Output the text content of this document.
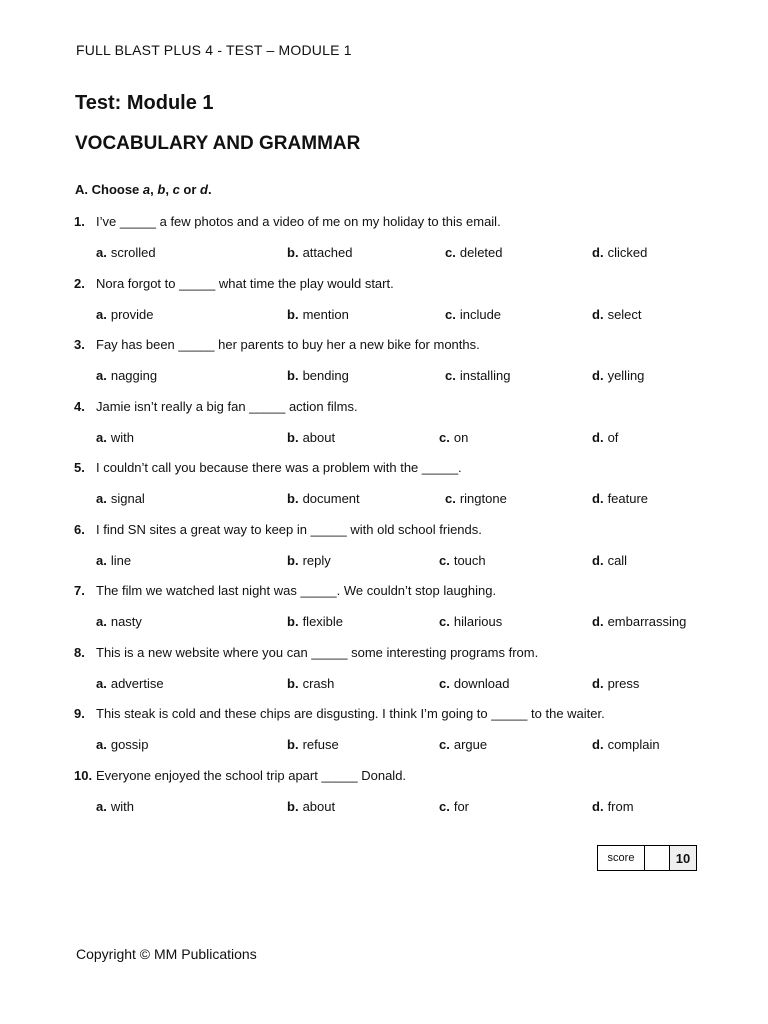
FULL BLAST PLUS 4 - TEST – MODULE 1
Test: Module 1
VOCABULARY AND GRAMMAR
A. Choose a, b, c or d.
1. I’ve _____ a few photos and a video of me on my holiday to this email.
a. scrolled	b. attached	c. deleted	d. clicked
2. Nora forgot to _____ what time the play would start.
a. provide	b. mention	c. include	d. select
3. Fay has been _____ her parents to buy her a new bike for months.
a. nagging	b. bending	c. installing	d. yelling
4. Jamie isn’t really a big fan _____ action films.
a. with	b. about	c. on	d. of
5. I couldn’t call you because there was a problem with the _____.
a. signal	b. document	c. ringtone	d. feature
6. I find SN sites a great way to keep in _____ with old school friends.
a. line	b. reply	c. touch	d. call
7. The film we watched last night was _____. We couldn’t stop laughing.
a. nasty	b. flexible	c. hilarious	d. embarrassing
8. This is a new website where you can _____ some interesting programs from.
a. advertise	b. crash	c. download	d. press
9. This steak is cold and these chips are disgusting. I think I’m going to _____ to the waiter.
a. gossip	b. refuse	c. argue	d. complain
10. Everyone enjoyed the school trip apart _____ Donald.
a. with	b. about	c. for	d. from
score		10
Copyright © MM Publications
